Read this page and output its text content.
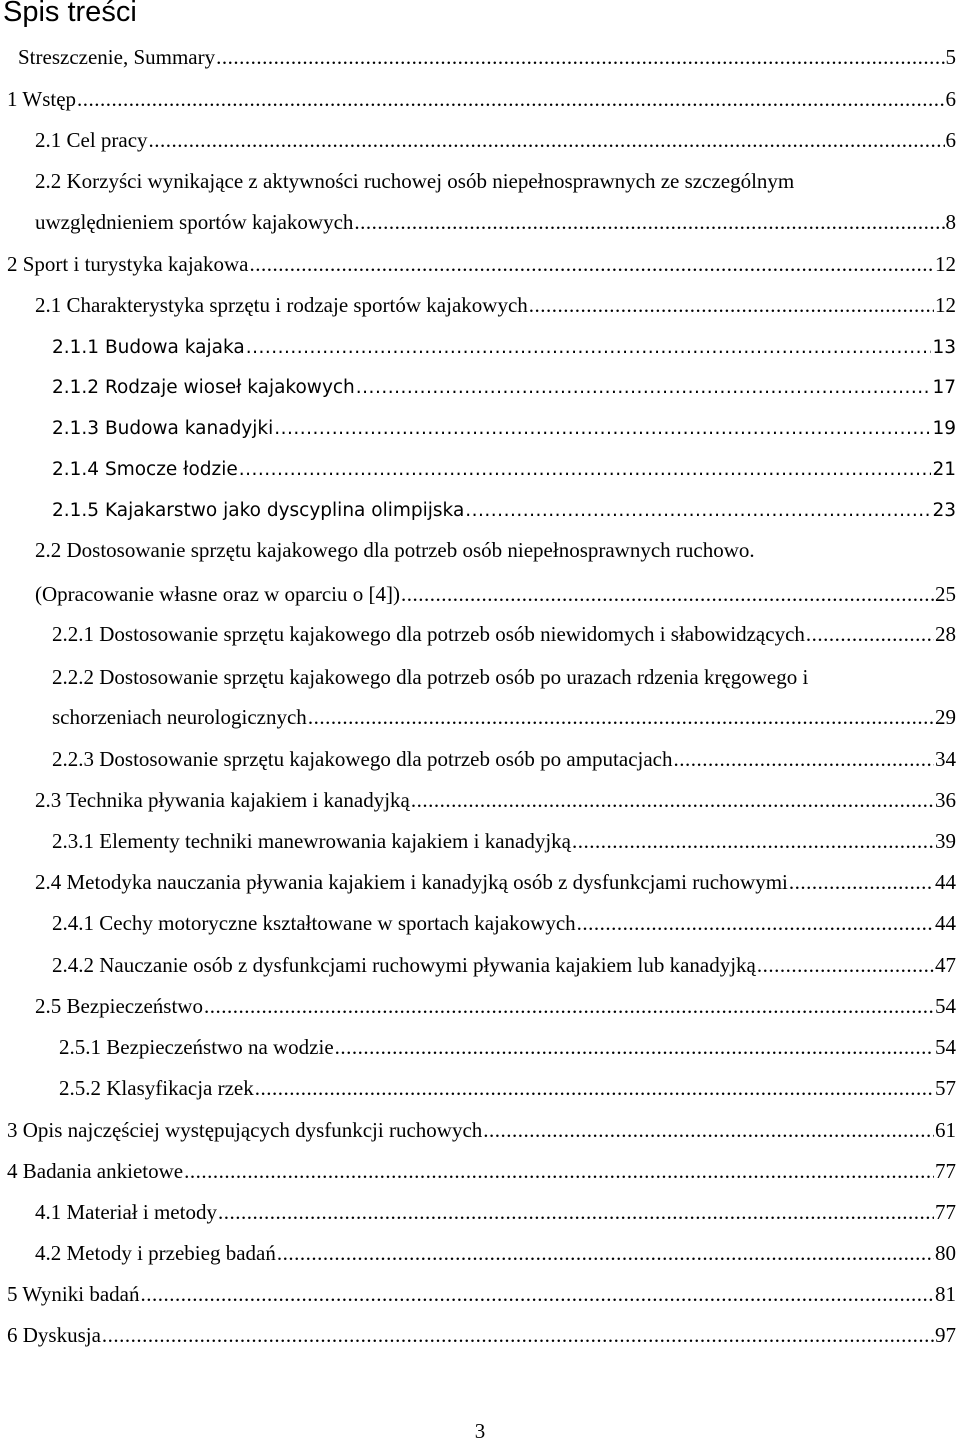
Spis treści
Streszczenie, Summary .....	5
1 Wstęp .....	6
2.1 Cel pracy .....	6
2.2 Korzyści wynikające z aktywności ruchowej osób niepełnosprawnych ze szczególnym
uwzględnieniem sportów kajakowych .....	8
2 Sport i turystyka kajakowa .....	12
2.1 Charakterystyka sprzętu i rodzaje sportów kajakowych .....	12
2.1.1 Budowa kajaka .....	13
2.1.2 Rodzaje wioseł kajakowych .....	17
2.1.3 Budowa kanadyjki .....	19
2.1.4 Smocze łodzie .....	21
2.1.5 Kajakarstwo jako dyscyplina olimpijska .....	23
2.2 Dostosowanie sprzętu kajakowego dla potrzeb osób niepełnosprawnych ruchowo.
(Opracowanie własne oraz w oparciu o [4]) .....	25
2.2.1 Dostosowanie sprzętu kajakowego dla potrzeb osób niewidomych i słabowidzących .....	28
2.2.2 Dostosowanie sprzętu kajakowego dla potrzeb osób po urazach rdzenia kręgowego i
schorzeniach neurologicznych .....	29
2.2.3 Dostosowanie sprzętu kajakowego dla potrzeb osób po amputacjach .....	34
2.3 Technika pływania kajakiem i kanadyjką .....	36
2.3.1 Elementy techniki manewrowania kajakiem i kanadyjką .....	39
2.4 Metodyka nauczania pływania kajakiem i kanadyjką osób z dysfunkcjami ruchowymi .....	44
2.4.1 Cechy motoryczne kształtowane w sportach kajakowych .....	44
2.4.2 Nauczanie osób z dysfunkcjami ruchowymi pływania kajakiem lub kanadyjką .....	47
2.5 Bezpieczeństwo .....	54
2.5.1 Bezpieczeństwo na wodzie .....	54
2.5.2 Klasyfikacja rzek .....	57
3 Opis najczęściej występujących dysfunkcji ruchowych .....	61
4 Badania ankietowe .....	77
4.1 Materiał i metody .....	77
4.2 Metody i przebieg badań .....	80
5 Wyniki badań .....	81
6 Dyskusja .....	97
3
